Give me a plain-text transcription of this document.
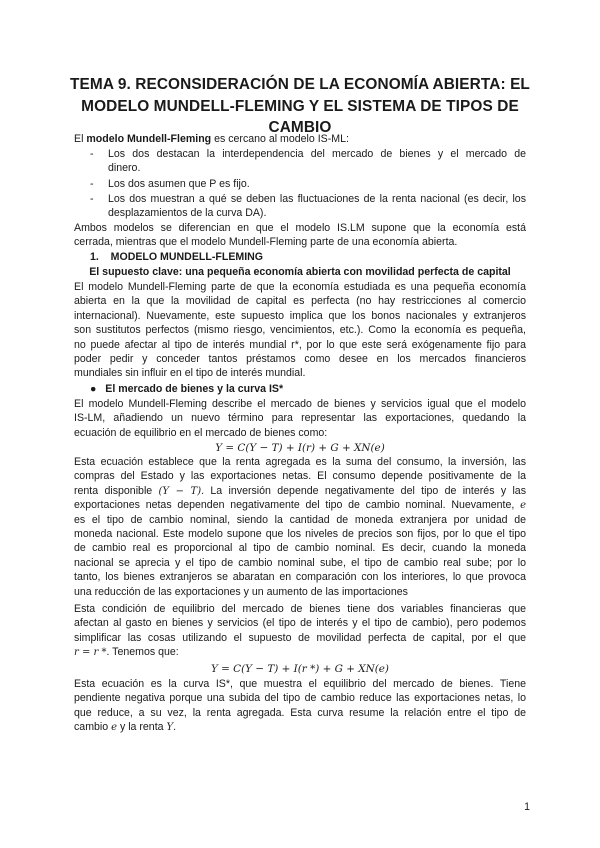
TEMA 9. RECONSIDERACIÓN DE LA ECONOMÍA ABIERTA: EL
MODELO MUNDELL-FLEMING Y EL SISTEMA DE TIPOS DE
CAMBIO
El modelo Mundell-Fleming es cercano al modelo IS-ML:
-	Los dos destacan la interdependencia del mercado de bienes y el mercado de
dinero.
-	Los dos asumen que P es fijo.
-	Los dos muestran a qué se deben las fluctuaciones de la renta nacional (es decir, los
desplazamientos de la curva DA).
Ambos modelos se diferencian en que el modelo IS.LM supone que la economía está
cerrada, mientras que el modelo Mundell-Fleming parte de una economía abierta.
1. MODELO MUNDELL-FLEMING
El supuesto clave: una pequeña economía abierta con movilidad perfecta de capital
El modelo Mundell-Fleming parte de que la economía estudiada es una pequeña economía
abierta en la que la movilidad de capital es perfecta (no hay restricciones al comercio
internacional). Nuevamente, este supuesto implica que los bonos nacionales y extranjeros
son sustitutos perfectos (mismo riesgo, vencimientos, etc.). Como la economía es pequeña,
no puede afectar al tipo de interés mundial r*, por lo que este será exógenamente fijo para
poder pedir y conceder tantos préstamos como desee en los mercados financieros
mundiales sin influir en el tipo de interés mundial.
● El mercado de bienes y la curva IS*
El modelo Mundell-Fleming describe el mercado de bienes y servicios igual que el modelo
IS-LM, añadiendo un nuevo término para representar las exportaciones, quedando la
ecuación de equilibrio en el mercado de bienes como:
Y = C(Y − T) + I(r) + G + XN(e)
Esta ecuación establece que la renta agregada es la suma del consumo, la inversión, las
compras del Estado y las exportaciones netas. El consumo depende positivamente de la
renta disponible (Y − T). La inversión depende negativamente del tipo de interés y las
exportaciones netas dependen negativamente del tipo de cambio nominal. Nuevamente, e
es el tipo de cambio nominal, siendo la cantidad de moneda extranjera por unidad de
moneda nacional. Este modelo supone que los niveles de precios son fijos, por lo que el tipo
de cambio real es proporcional al tipo de cambio nominal. Es decir, cuando la moneda
nacional se aprecia y el tipo de cambio nominal sube, el tipo de cambio real sube; por lo
tanto, los bienes extranjeros se abaratan en comparación con los interiores, lo que provoca
una reducción de las exportaciones y un aumento de las importaciones
Esta condición de equilibrio del mercado de bienes tiene dos variables financieras que
afectan al gasto en bienes y servicios (el tipo de interés y el tipo de cambio), pero podemos
simplificar las cosas utilizando el supuesto de movilidad perfecta de capital, por el que
r = r *. Tenemos que:
Y = C(Y − T) + I(r *) + G + XN(e)
Esta ecuación es la curva IS*, que muestra el equilibrio del mercado de bienes. Tiene
pendiente negativa porque una subida del tipo de cambio reduce las exportaciones netas, lo
que reduce, a su vez, la renta agregada. Esta curva resume la relación entre el tipo de
cambio e y la renta Y.
1
